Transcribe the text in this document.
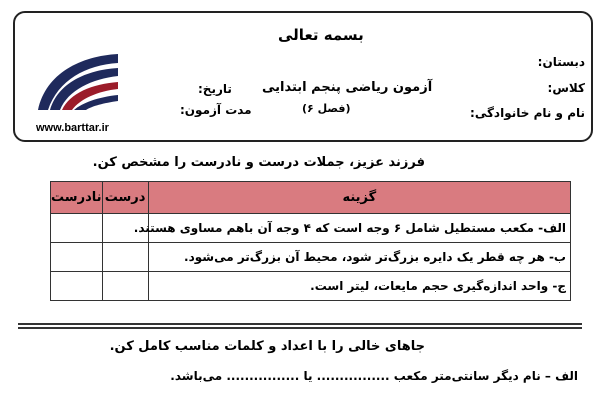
بسمه تعالی
دبستان:
کلاس:
نام و نام خانوادگی:
آزمون ریاضی پنجم ابتدایی
(فصل ۶)
تاریخ:
مدت آزمون:
www.barttar.ir
فرزند عزیز، جملات درست و نادرست را مشخص کن.
گزینه	درست	نادرست
الف- مکعب مستطیل شامل ۶ وجه است که ۴ وجه آن باهم مساوی هستند.		
ب- هر چه قطر یک دایره بزرگ‌تر شود، محیط آن بزرگ‌تر می‌شود.		
ج- واحد اندازه‌گیری حجم مایعات، لیتر است.		
جاهای خالی را با اعداد و کلمات مناسب کامل کن.
الف – نام دیگر سانتی‌متر مکعب ................ یا ................ می‌باشد.
